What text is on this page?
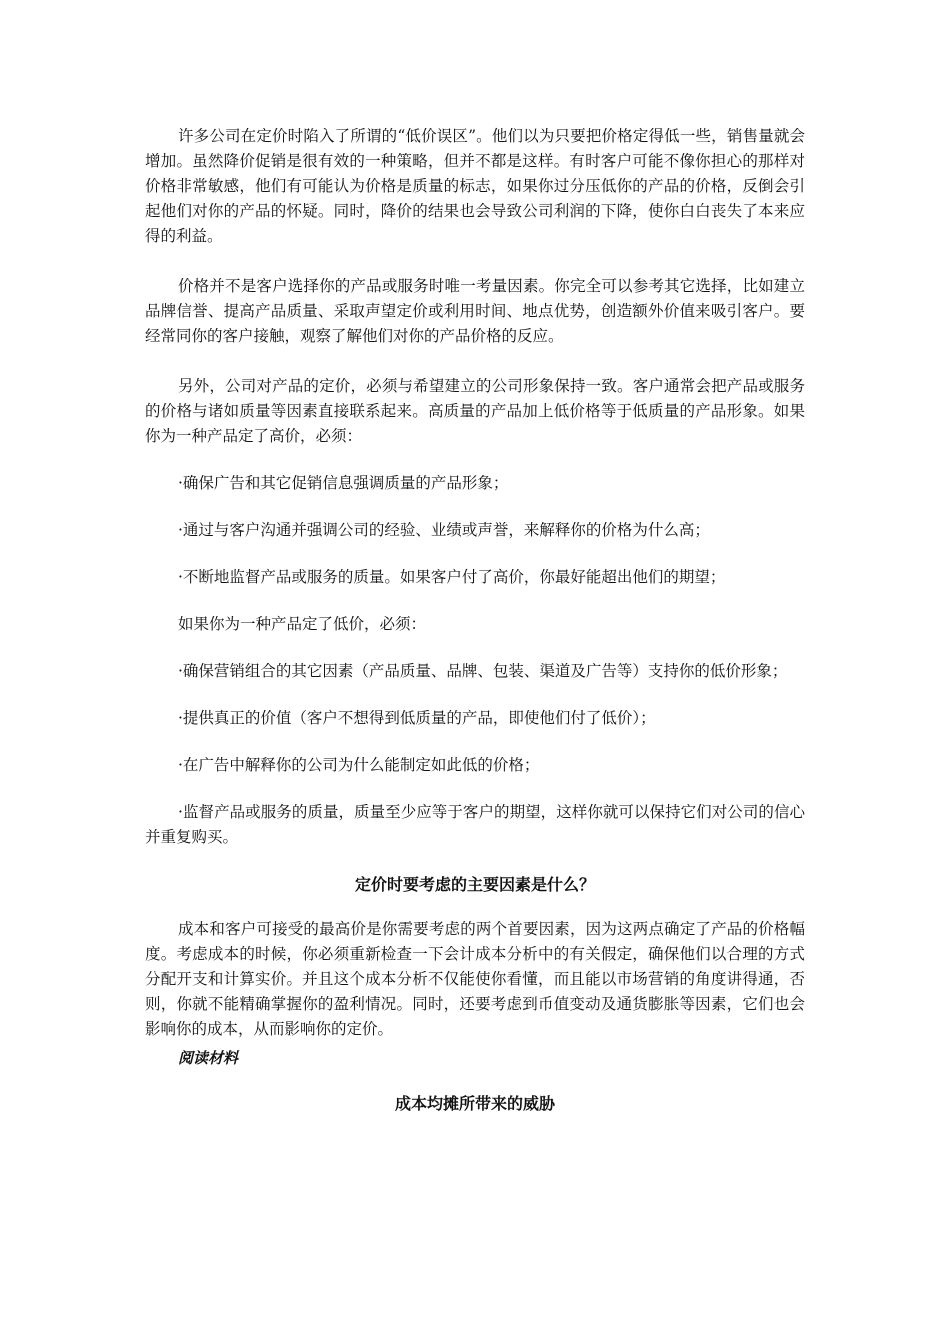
许多公司在定价时陷入了所谓的“低价误区”。他们以为只要把价格定得低一些，销售量就会增加。虽然降价促销是很有效的一种策略，但并不都是这样。有时客户可能不像你担心的那样对价格非常敏感，他们有可能认为价格是质量的标志，如果你过分压低你的产品的价格，反倒会引起他们对你的产品的怀疑。同时，降价的结果也会导致公司利润的下降，使你白白丧失了本来应得的利益。

价格并不是客户选择你的产品或服务时唯一考量因素。你完全可以参考其它选择，比如建立品牌信誉、提高产品质量、采取声望定价或利用时间、地点优势，创造额外价值来吸引客户。要经常同你的客户接触，观察了解他们对你的产品价格的反应。

另外，公司对产品的定价，必须与希望建立的公司形象保持一致。客户通常会把产品或服务的价格与诸如质量等因素直接联系起来。高质量的产品加上低价格等于低质量的产品形象。如果你为一种产品定了高价，必须：

·确保广告和其它促销信息强调质量的产品形象；

·通过与客户沟通并强调公司的经验、业绩或声誉，来解释你的价格为什么高；

·不断地监督产品或服务的质量。如果客户付了高价，你最好能超出他们的期望；

如果你为一种产品定了低价，必须：

·确保营销组合的其它因素（产品质量、品牌、包装、渠道及广告等）支持你的低价形象；

·提供真正的价值（客户不想得到低质量的产品，即使他们付了低价）；

·在广告中解释你的公司为什么能制定如此低的价格；

·监督产品或服务的质量，质量至少应等于客户的期望，这样你就可以保持它们对公司的信心并重复购买。

定价时要考虑的主要因素是什么？

成本和客户可接受的最高价是你需要考虑的两个首要因素，因为这两点确定了产品的价格幅度。考虑成本的时候，你必须重新检查一下会计成本分析中的有关假定，确保他们以合理的方式分配开支和计算实价。并且这个成本分析不仅能使你看懂，而且能以市场营销的角度讲得通，否则，你就不能精确掌握你的盈利情况。同时，还要考虑到币值变动及通货膨胀等因素，它们也会影响你的成本，从而影响你的定价。

阅读材料
成本均摊所带来的威胁
